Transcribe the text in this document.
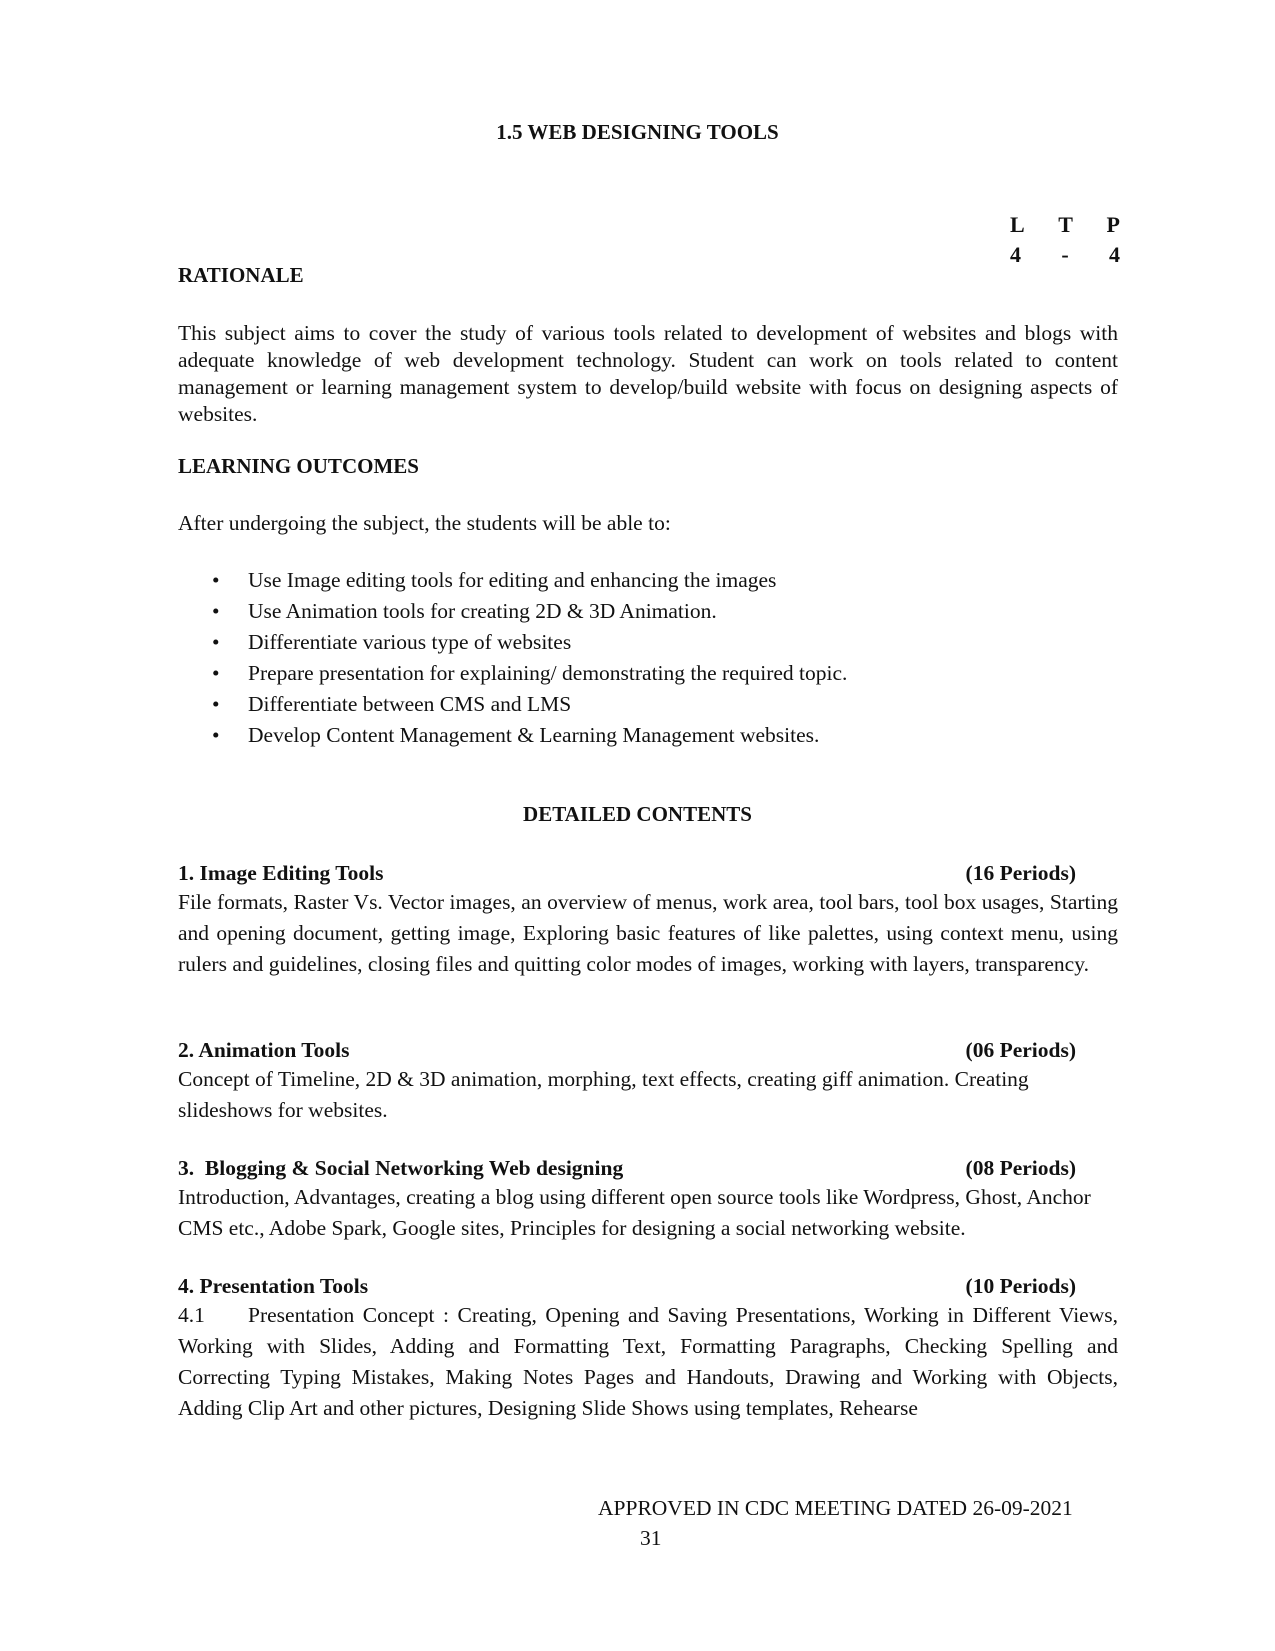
1.5 WEB DESIGNING TOOLS
L T P
4 - 4
RATIONALE

This subject aims to cover the study of various tools related to development of websites and blogs with adequate knowledge of web development technology. Student can work on tools related to content management or learning management system to develop/build website with focus on designing aspects of websites.

LEARNING OUTCOMES

After undergoing the subject, the students will be able to:

• Use Image editing tools for editing and enhancing the images
• Use Animation tools for creating 2D & 3D Animation.
• Differentiate various type of websites
• Prepare presentation for explaining/ demonstrating the required topic.
• Differentiate between CMS and LMS
• Develop Content Management & Learning Management websites.
DETAILED CONTENTS
1. Image Editing Tools	(16 Periods)

File formats, Raster Vs. Vector images, an overview of menus, work area, tool bars, tool box usages, Starting and opening document, getting image, Exploring basic features of like palettes, using context menu, using rulers and guidelines, closing files and quitting color modes of images, working with layers, transparency.

2. Animation Tools	(06 Periods)

Concept of Timeline, 2D & 3D animation, morphing, text effects, creating giff animation. Creating slideshows for websites.

3.  Blogging & Social Networking Web designing	(08 Periods)

Introduction, Advantages, creating a blog using different open source tools like Wordpress, Ghost, Anchor CMS etc., Adobe Spark, Google sites, Principles for designing a social networking website.

4. Presentation Tools	(10 Periods)

4.1 Presentation Concept : Creating, Opening and Saving Presentations, Working in Different Views, Working with Slides, Adding and Formatting Text, Formatting Paragraphs, Checking Spelling and Correcting Typing Mistakes, Making Notes Pages and Handouts, Drawing and Working with Objects, Adding Clip Art and other pictures, Designing Slide Shows using templates, Rehearse

APPROVED IN CDC MEETING DATED 26-09-2021
31
